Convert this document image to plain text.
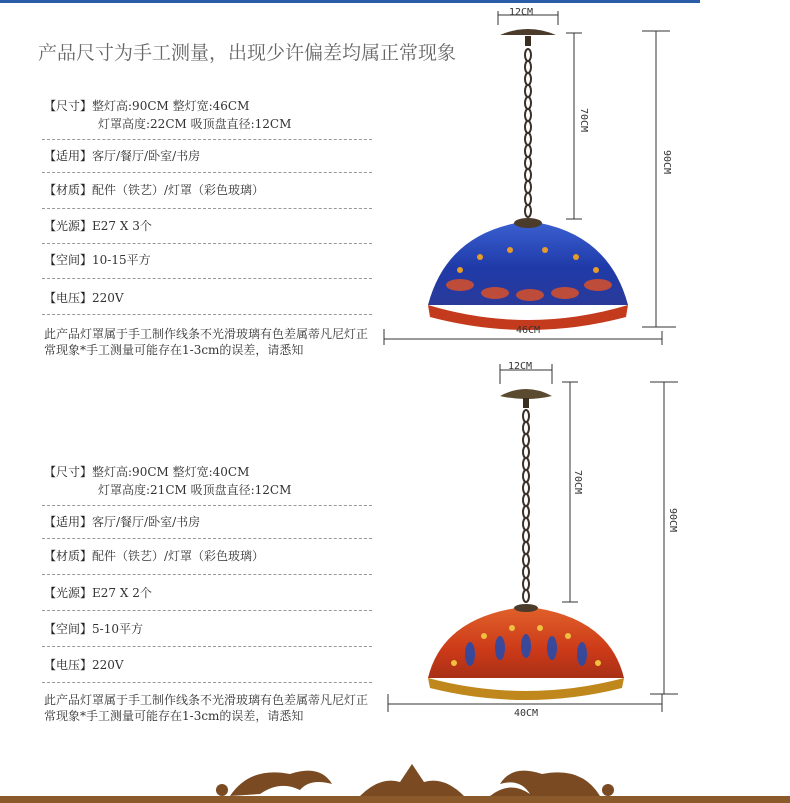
产品尺寸为手工测量，出现少许偏差均属正常现象
【尺寸】整灯高:90CM 整灯宽:46CM
灯罩高度:22CM 吸顶盘直径:12CM
【适用】客厅/餐厅/卧室/书房
【材质】配件（铁艺）/灯罩（彩色玻璃）
【光源】E27 X 3个
【空间】10-15平方
【电压】220V
此产品灯罩属于手工制作线条不光滑玻璃有色差属蒂凡尼灯正常现象*手工测量可能存在1-3cm的误差，请悉知
12CM
70CM
90CM
46CM
【尺寸】整灯高:90CM 整灯宽:40CM
灯罩高度:21CM 吸顶盘直径:12CM
【适用】客厅/餐厅/卧室/书房
【材质】配件（铁艺）/灯罩（彩色玻璃）
【光源】E27 X 2个
【空间】5-10平方
【电压】220V
此产品灯罩属于手工制作线条不光滑玻璃有色差属蒂凡尼灯正常现象*手工测量可能存在1-3cm的误差，请悉知
12CM
70CM
90CM
40CM
